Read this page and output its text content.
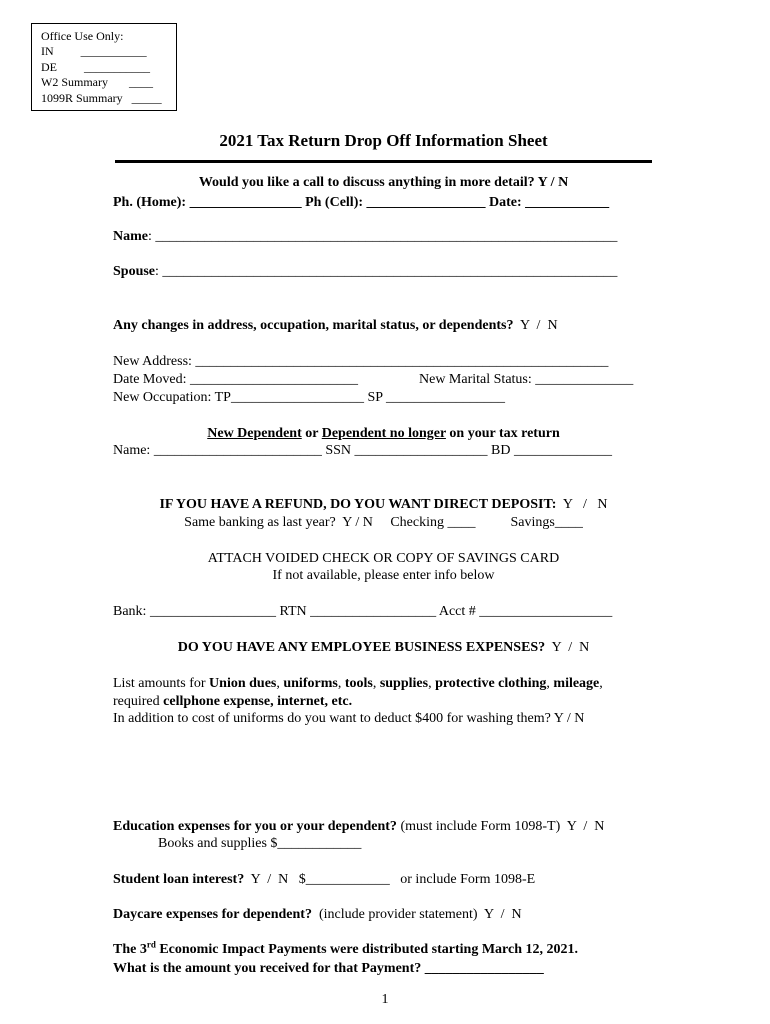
Office Use Only:
IN         ___________
DE         ___________
W2 Summary       ____
1099R Summary   _____
2021 Tax Return Drop Off Information Sheet
Would you like a call to discuss anything in more detail? Y / N
Ph. (Home): ________________ Ph (Cell): _________________ Date: ____________
Name: __________________________________________________________________
Spouse: _________________________________________________________________
Any changes in address, occupation, marital status, or dependents?  Y  /  N
New Address: ___________________________________________________________
Date Moved: ________________________	New Marital Status: ______________
New Occupation: TP___________________ SP _________________
New Dependent or Dependent no longer on your tax return
Name: ________________________ SSN ___________________ BD ______________
IF YOU HAVE A REFUND, DO YOU WANT DIRECT DEPOSIT:  Y   /   N
Same banking as last year?  Y / N     Checking ____          Savings____
ATTACH VOIDED CHECK OR COPY OF SAVINGS CARD
If not available, please enter info below
Bank: __________________ RTN __________________ Acct # ___________________
DO YOU HAVE ANY EMPLOYEE BUSINESS EXPENSES?  Y  /  N
List amounts for Union dues, uniforms, tools, supplies, protective clothing, mileage,
required cellphone expense, internet, etc.
In addition to cost of uniforms do you want to deduct $400 for washing them? Y / N
Education expenses for you or your dependent? (must include Form 1098-T)  Y  /  N
Books and supplies $____________
Student loan interest?  Y  /  N   $____________   or include Form 1098-E
Daycare expenses for dependent?  (include provider statement)  Y  /  N
The 3rd Economic Impact Payments were distributed starting March 12, 2021.
What is the amount you received for that Payment? _________________
1
